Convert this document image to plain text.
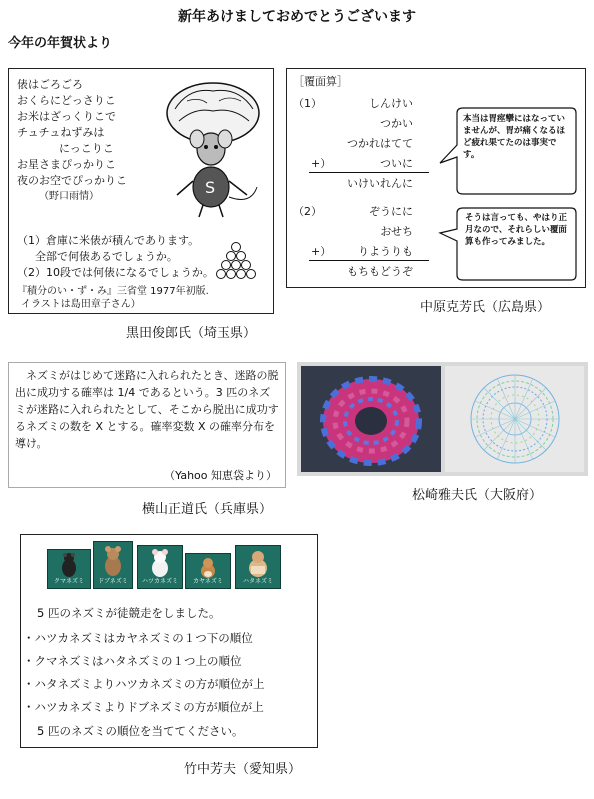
新年あけましておめでとうございます
今年の年賀状より
俵はごろごろ
おくらにどっさりこ
お米はざっくりこで
チュチュねずみは
にっこりこ
お星さまぴっかりこ
夜のお空でぴっかりこ
（野口雨情）	S
（1）倉庫に米俵が積んであります。
全部で何俵あるでしょうか。
（2）10段では何俵になるでしょうか。
『積分のい・ず・み』三省堂 1977年初版.
イラストは島田章子さん）
黒田俊郎氏（埼玉県）
［覆面算］
（1）	しんけい
つかい
つかれはてて
+）	ついに
いけいれんに
（2）	ぞうにに
おせち
+） りようりも
もちもどうぞ
本当は胃痙攣にはなっていませんが、胃が痛くなるほど疲れ果てたのは事実です。
そうは言っても、やはり正月なので、それらしい覆面算も作ってみました。
中原克芳氏（広島県）
ネズミがはじめて迷路に入れられたとき、迷路の脱出に成功する確率は 1/4 であるという。3 匹のネズミが迷路に入れられたとして、そこから脱出に成功するネズミの数を X とする。確率変数 X の確率分布を導け。
（Yahoo 知恵袋より）
横山正道氏（兵庫県）
松崎雅夫氏（大阪府）
クマネズミ	ドブネズミ	ハツカネズミ	カヤネズミ	ハタネズミ
5 匹のネズミが徒競走をしました。
・ハツカネズミはカヤネズミの１つ下の順位
・クマネズミはハタネズミの１つ上の順位
・ハタネズミよりハツカネズミの方が順位が上
・ハツカネズミよりドブネズミの方が順位が上
5 匹のネズミの順位を当ててください。
竹中芳夫（愛知県）
